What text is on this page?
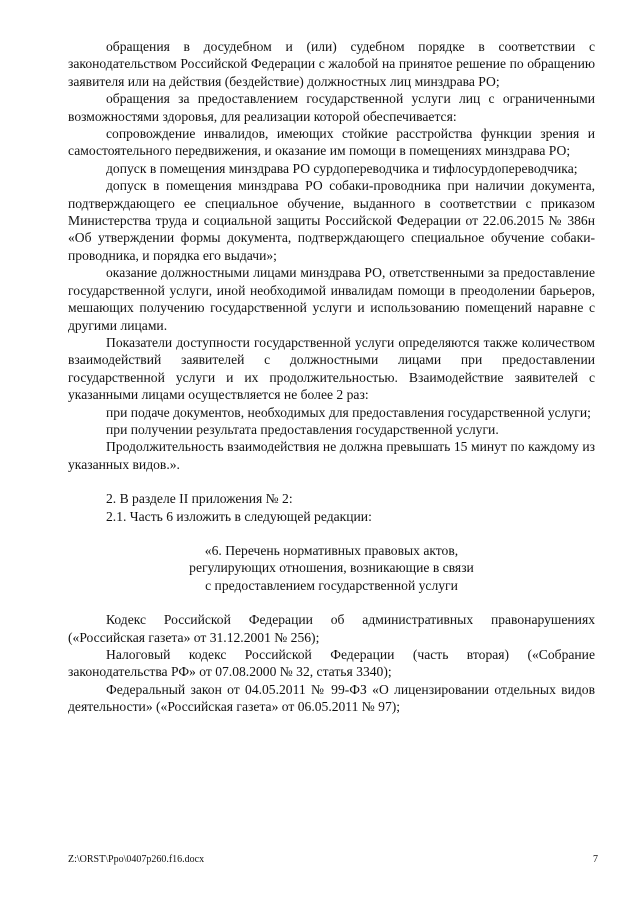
обращения в досудебном и (или) судебном порядке в соответствии с законодательством Российской Федерации с жалобой на принятое решение по обращению заявителя или на действия (бездействие) должностных лиц минздрава РО;

обращения за предоставлением государственной услуги лиц с ограниченными возможностями здоровья, для реализации которой обеспечивается:

сопровождение инвалидов, имеющих стойкие расстройства функции зрения и самостоятельного передвижения, и оказание им помощи в помещениях минздрава РО;

допуск в помещения минздрава РО сурдопереводчика и тифлосурдопереводчика;

допуск в помещения минздрава РО собаки-проводника при наличии документа, подтверждающего ее специальное обучение, выданного в соответствии с приказом Министерства труда и социальной защиты Российской Федерации от 22.06.2015 № 386н «Об утверждении формы документа, подтверждающего специальное обучение собаки-проводника, и порядка его выдачи»;

оказание должностными лицами минздрава РО, ответственными за предоставление государственной услуги, иной необходимой инвалидам помощи в преодолении барьеров, мешающих получению государственной услуги и использованию помещений наравне с другими лицами.

Показатели доступности государственной услуги определяются также количеством взаимодействий заявителей с должностными лицами при предоставлении государственной услуги и их продолжительностью. Взаимодействие заявителей с указанными лицами осуществляется не более 2 раз:

при подаче документов, необходимых для предоставления государственной услуги;

при получении результата предоставления государственной услуги.

Продолжительность взаимодействия не должна превышать 15 минут по каждому из указанных видов.».

2. В разделе II приложения № 2:

2.1. Часть 6 изложить в следующей редакции:

«6. Перечень нормативных правовых актов,

регулирующих отношения, возникающие в связи

с предоставлением государственной услуги

Кодекс Российской Федерации об административных правонарушениях («Российская газета» от 31.12.2001 № 256);

Налоговый кодекс Российской Федерации (часть вторая) («Собрание законодательства РФ» от 07.08.2000 № 32, статья 3340);

Федеральный закон от 04.05.2011 № 99-ФЗ «О лицензировании отдельных видов деятельности» («Российская газета» от 06.05.2011 № 97);

Z:\ORST\Ppo\0407p260.f16.docx	7
